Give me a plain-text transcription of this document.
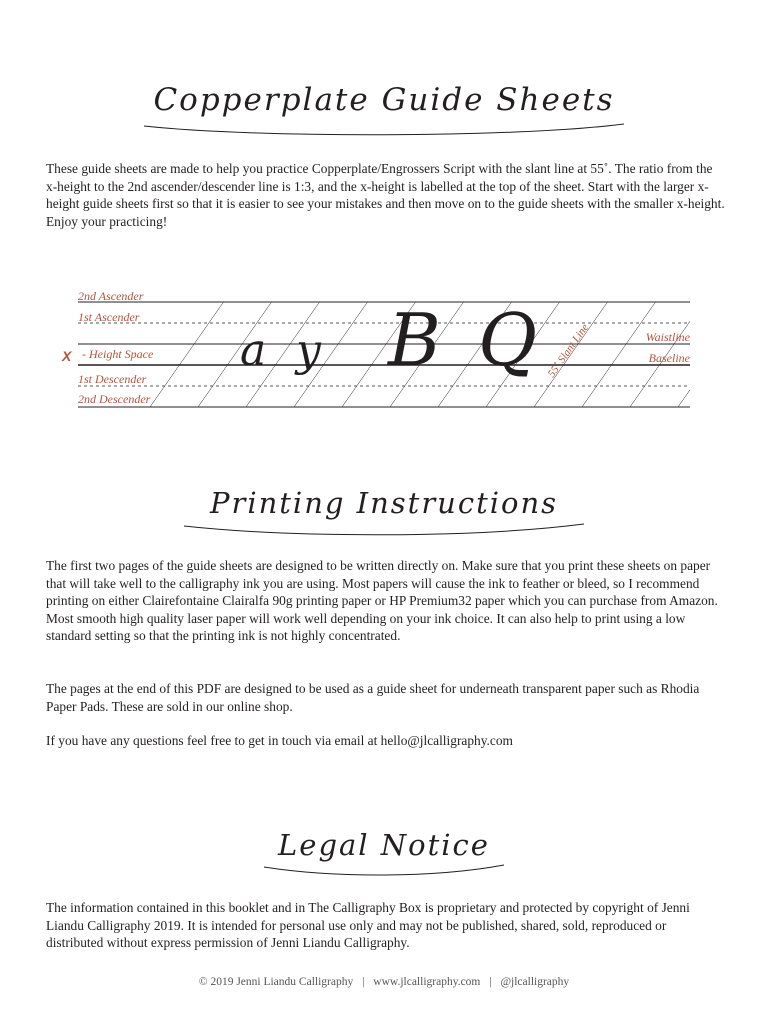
Copperplate Guide Sheets

These guide sheets are made to help you practice Copperplate/Engrossers Script with the slant line at 55˚. The ratio from the x-height to the 2nd ascender/descender line is 1:3, and the x-height is labelled at the top of the sheet. Start with the larger x-height guide sheets first so that it is easier to see your mistakes and then move on to the guide sheets with the smaller x-height. Enjoy your practicing!

X
2nd Ascender
1st Ascender
- Height Space
1st Descender
2nd Descender
Waistline
Baseline
55˚ Slant Line
a y B Q
Printing Instructions

The first two pages of the guide sheets are designed to be written directly on. Make sure that you print these sheets on paper that will take well to the calligraphy ink you are using. Most papers will cause the ink to feather or bleed, so I recommend printing on either Clairefontaine Clairalfa 90g printing paper or HP Premium32 paper which you can purchase from Amazon. Most smooth high quality laser paper will work well depending on your ink choice. It can also help to print using a low standard setting so that the printing ink is not highly concentrated.

The pages at the end of this PDF are designed to be used as a guide sheet for underneath transparent paper such as Rhodia Paper Pads. These are sold in our online shop.

If you have any questions feel free to get in touch via email at hello@jlcalligraphy.com

Legal Notice

The information contained in this booklet and in The Calligraphy Box is proprietary and protected by copyright of Jenni Liandu Calligraphy 2019. It is intended for personal use only and may not be published, shared, sold, reproduced or distributed without express permission of Jenni Liandu Calligraphy.

© 2019 Jenni Liandu Calligraphy | www.jlcalligraphy.com | @jlcalligraphy
